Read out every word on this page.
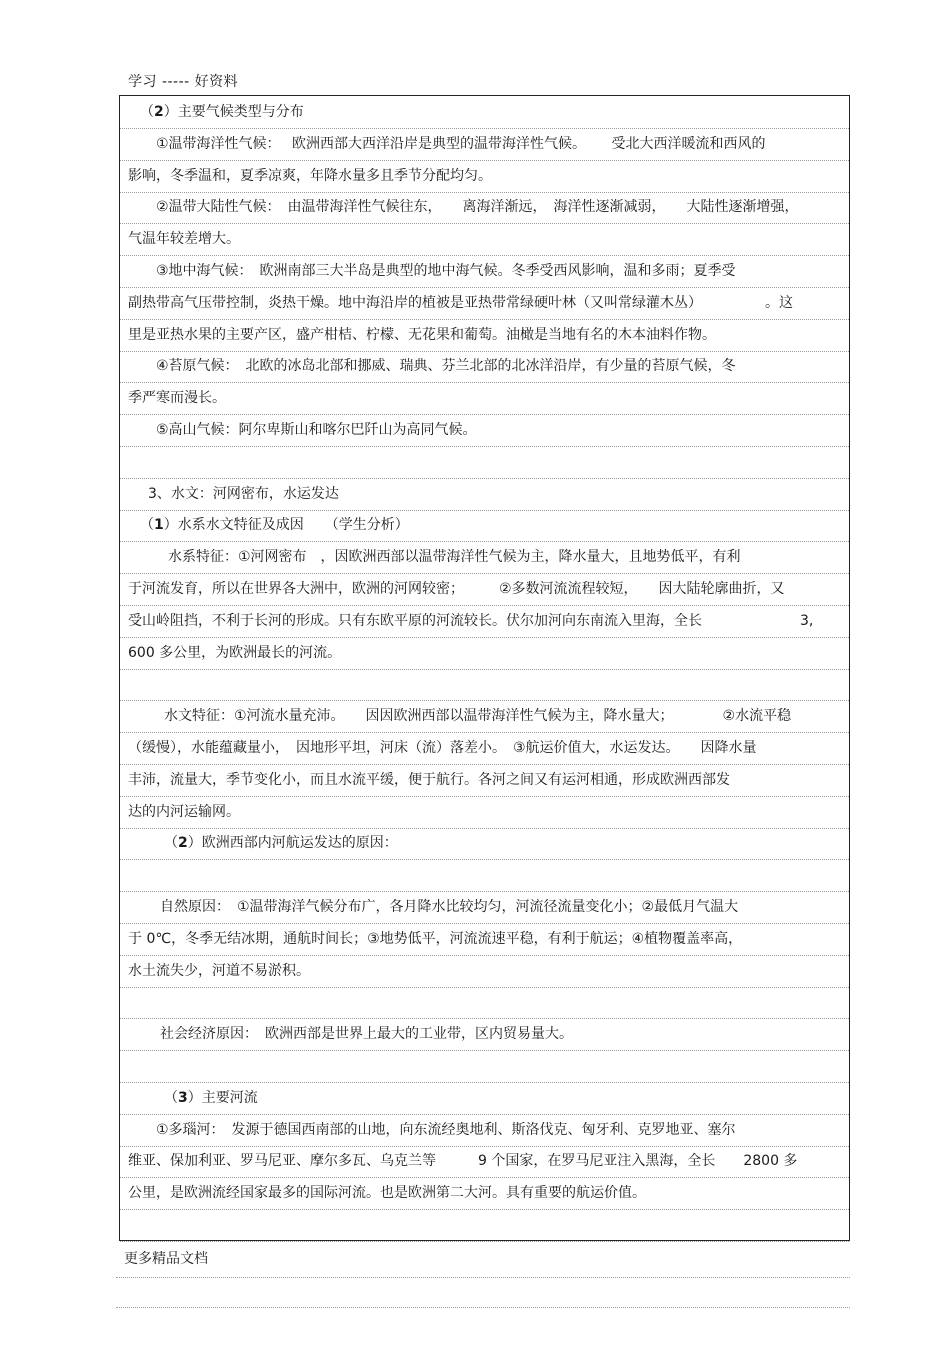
学习 ----- 好资料
（2）主要气候类型与分布
①温带海洋性气候：　 欧洲西部大西洋沿岸是典型的温带海洋性气候。　　 受北大西洋暖流和西风的
影响，冬季温和，夏季凉爽，年降水量多且季节分配均匀。
②温带大陆性气候：　由温带海洋性气候往东，　　离海洋渐远，　海洋性逐渐减弱，　　大陆性逐渐增强，
气温年较差增大。
③地中海气候：　欧洲南部三大半岛是典型的地中海气候。冬季受西风影响，温和多雨；夏季受
副热带高气压带控制，炎热干燥。地中海沿岸的植被是亚热带常绿硬叶林（又叫常绿灌木丛）　　　　　。这
里是亚热水果的主要产区，盛产柑桔、柠檬、无花果和葡萄。油橄是当地有名的木本油料作物。
④苔原气候：　北欧的冰岛北部和挪威、瑞典、芬兰北部的北冰洋沿岸，有少量的苔原气候，冬
季严寒而漫长。
⑤高山气候：阿尔卑斯山和喀尔巴阡山为高同气候。
3、水文：河网密布，水运发达
（1）水系水文特征及成因　　（学生分析）
水系特征：①河网密布　，因欧洲西部以温带海洋性气候为主，降水量大，且地势低平，有利
于河流发育，所以在世界各大洲中，欧洲的河网较密；　　　②多数河流流程较短，　　因大陆轮廓曲折，又
受山岭阻挡，不利于长河的形成。只有东欧平原的河流较长。伏尔加河向东南流入里海，全长　　　　　　　3,
600 多公里，为欧洲最长的河流。
水文特征：①河流水量充沛。　　因因欧洲西部以温带海洋性气候为主，降水量大；　　　　②水流平稳
（缓慢），水能蕴藏量小，　因地形平坦，河床（流）落差小。　③航运价值大，水运发达。　　因降水量
丰沛，流量大，季节变化小，而且水流平缓，便于航行。各河之间又有运河相通，形成欧洲西部发
达的内河运输网。
（2）欧洲西部内河航运发达的原因：
自然原因：　①温带海洋气候分布广，各月降水比较均匀，河流径流量变化小；②最低月气温大
于 0℃，冬季无结冰期，通航时间长；③地势低平，河流流速平稳，有利于航运；④植物覆盖率高，
水土流失少，河道不易淤积。
社会经济原因：　欧洲西部是世界上最大的工业带，区内贸易量大。
（3）主要河流
①多瑙河：　发源于德国西南部的山地，向东流经奥地利、斯洛伐克、匈牙利、克罗地亚、塞尔
维亚、保加利亚、罗马尼亚、摩尔多瓦、乌克兰等　　　9 个国家，在罗马尼亚注入黑海，全长　　2800 多
公里，是欧洲流经国家最多的国际河流。也是欧洲第二大河。具有重要的航运价值。
更多精品文档
